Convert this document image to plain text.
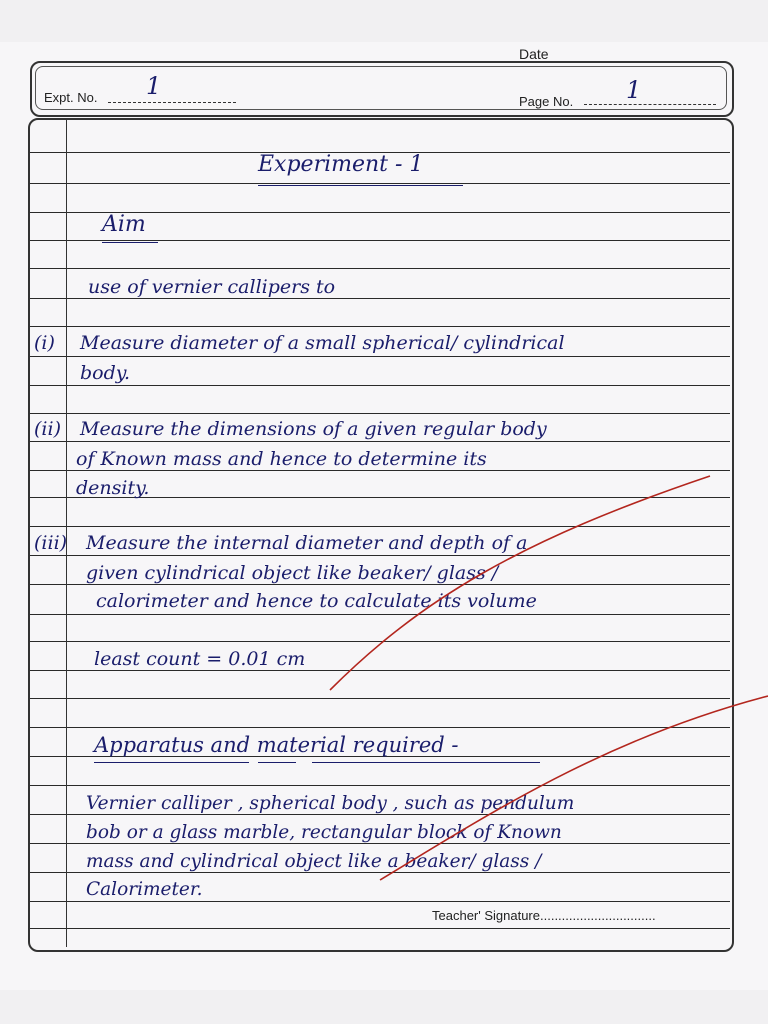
Date
Expt. No. 1
Page No. 1
Experiment - 1
Aim
use of vernier callipers to
(i) Measure diameter of a small spherical/ cylindrical
body.
(ii) Measure the dimensions of a given regular body
of Known mass and hence to determine its
density.
(iii) Measure the internal diameter and depth of a
given cylindrical object like beaker/ glass /
calorimeter and hence to calculate its volume
least count = 0.01 cm
Apparatus and material required -
Vernier calliper , spherical body , such as pendulum
bob or a glass marble, rectangular block of Known
mass and cylindrical object like a beaker/ glass /
Calorimeter.
Teacher' Signature................................
